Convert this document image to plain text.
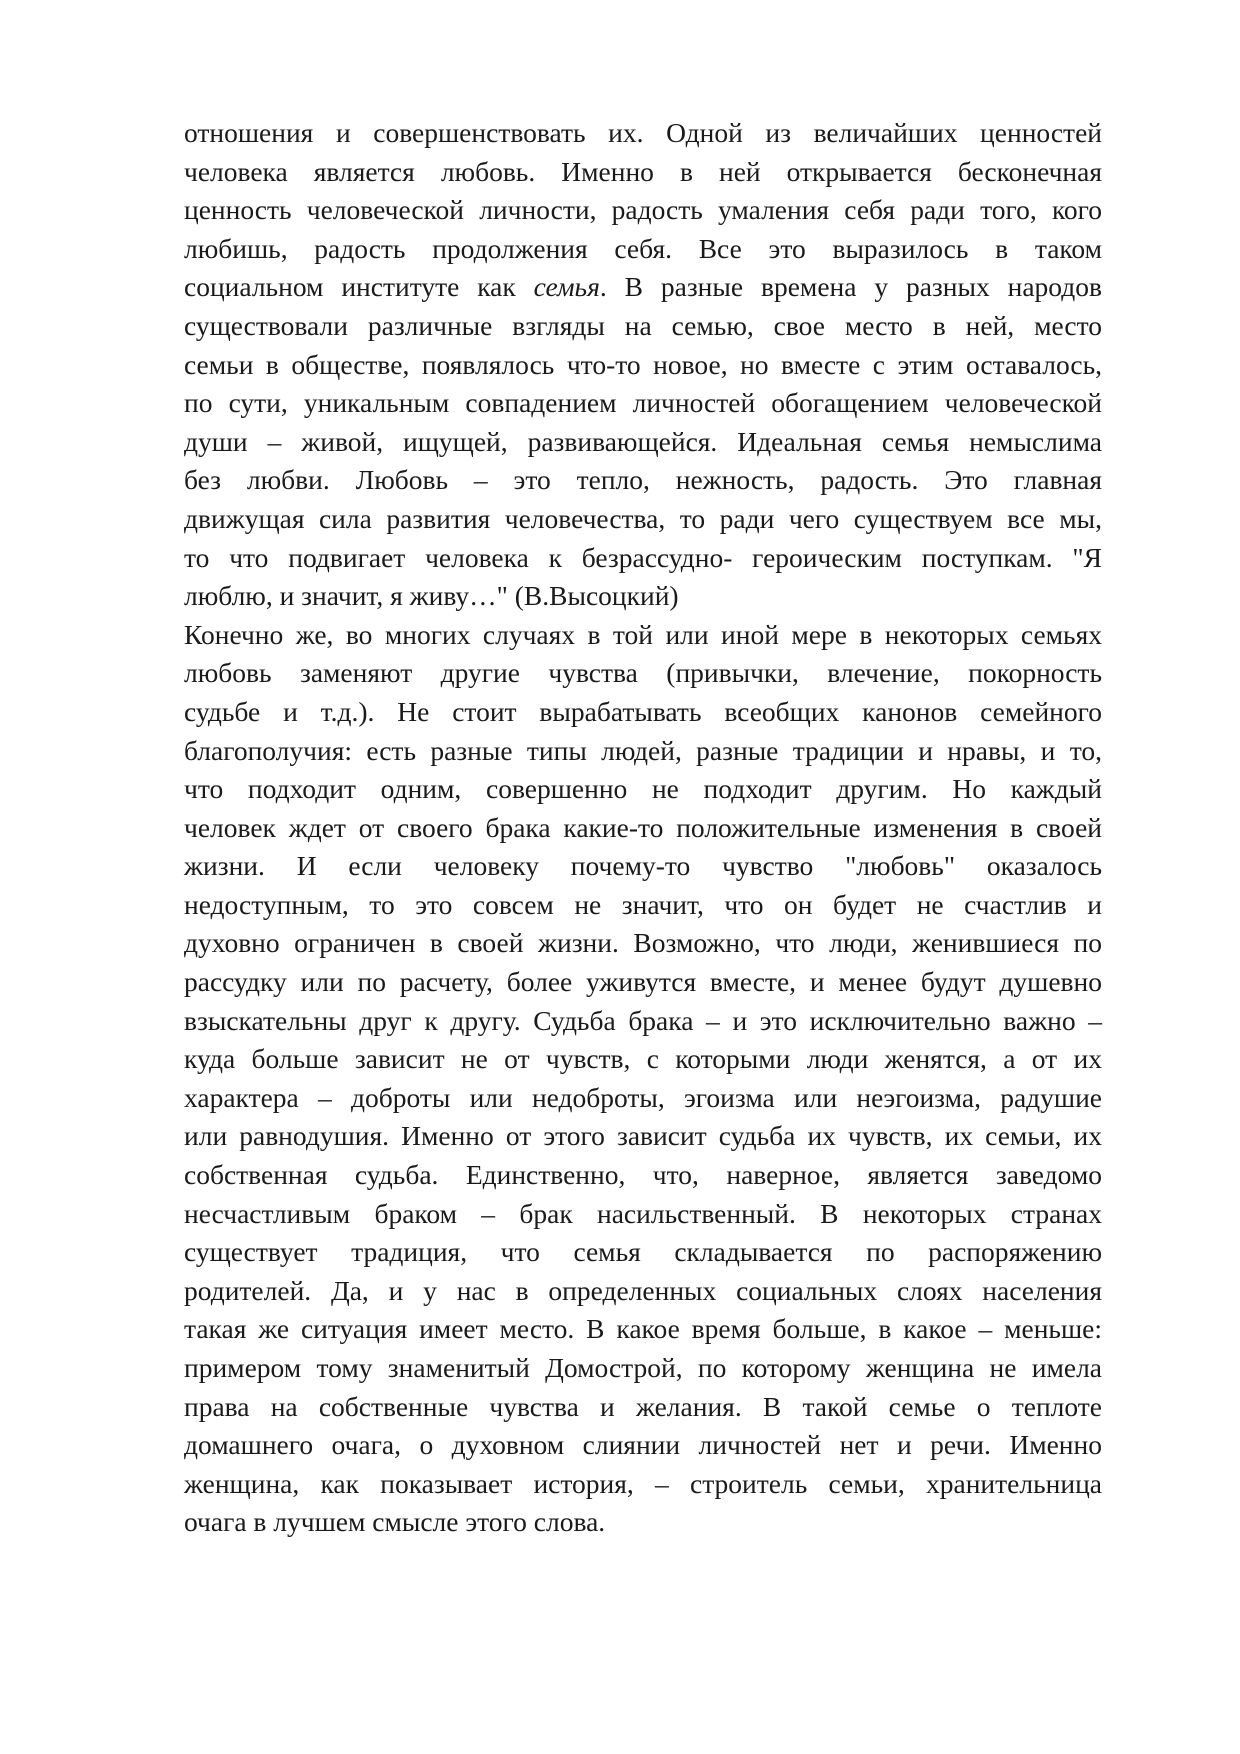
отношения и совершенствовать их. Одной из величайших ценностей
человека является любовь. Именно в ней открывается бесконечная
ценность человеческой личности, радость умаления себя ради того, кого
любишь, радость продолжения себя. Все это выразилось в таком
социальном институте как семья. В разные времена у разных народов
существовали различные взгляды на семью, свое место в ней, место
семьи в обществе, появлялось что-то новое, но вместе с этим оставалось,
по сути, уникальным совпадением личностей обогащением человеческой
души – живой, ищущей, развивающейся. Идеальная семья немыслима
без любви. Любовь – это тепло, нежность, радость. Это главная
движущая сила развития человечества, то ради чего существуем все мы,
то что подвигает человека к безрассудно- героическим поступкам. "Я
люблю, и значит, я живу…" (В.Высоцкий)
Конечно же, во многих случаях в той или иной мере в некоторых семьях
любовь заменяют другие чувства (привычки, влечение, покорность
судьбе и т.д.). Не стоит вырабатывать всеобщих канонов семейного
благополучия: есть разные типы людей, разные традиции и нравы, и то,
что подходит одним, совершенно не подходит другим. Но каждый
человек ждет от своего брака какие-то положительные изменения в своей
жизни. И если человеку почему-то чувство "любовь" оказалось
недоступным, то это совсем не значит, что он будет не счастлив и
духовно ограничен в своей жизни. Возможно, что люди, женившиеся по
рассудку или по расчету, более уживутся вместе, и менее будут душевно
взыскательны друг к другу. Судьба брака – и это исключительно важно –
куда больше зависит не от чувств, с которыми люди женятся, а от их
характера – доброты или недоброты, эгоизма или неэгоизма, радушие
или равнодушия. Именно от этого зависит судьба их чувств, их семьи, их
собственная судьба. Единственно, что, наверное, является заведомо
несчастливым браком – брак насильственный. В некоторых странах
существует традиция, что семья складывается по распоряжению
родителей. Да, и у нас в определенных социальных слоях населения
такая же ситуация имеет место. В какое время больше, в какое – меньше:
примером тому знаменитый Домострой, по которому женщина не имела
права на собственные чувства и желания. В такой семье о теплоте
домашнего очага, о духовном слиянии личностей нет и речи. Именно
женщина, как показывает история, – строитель семьи, хранительница
очага в лучшем смысле этого слова.
